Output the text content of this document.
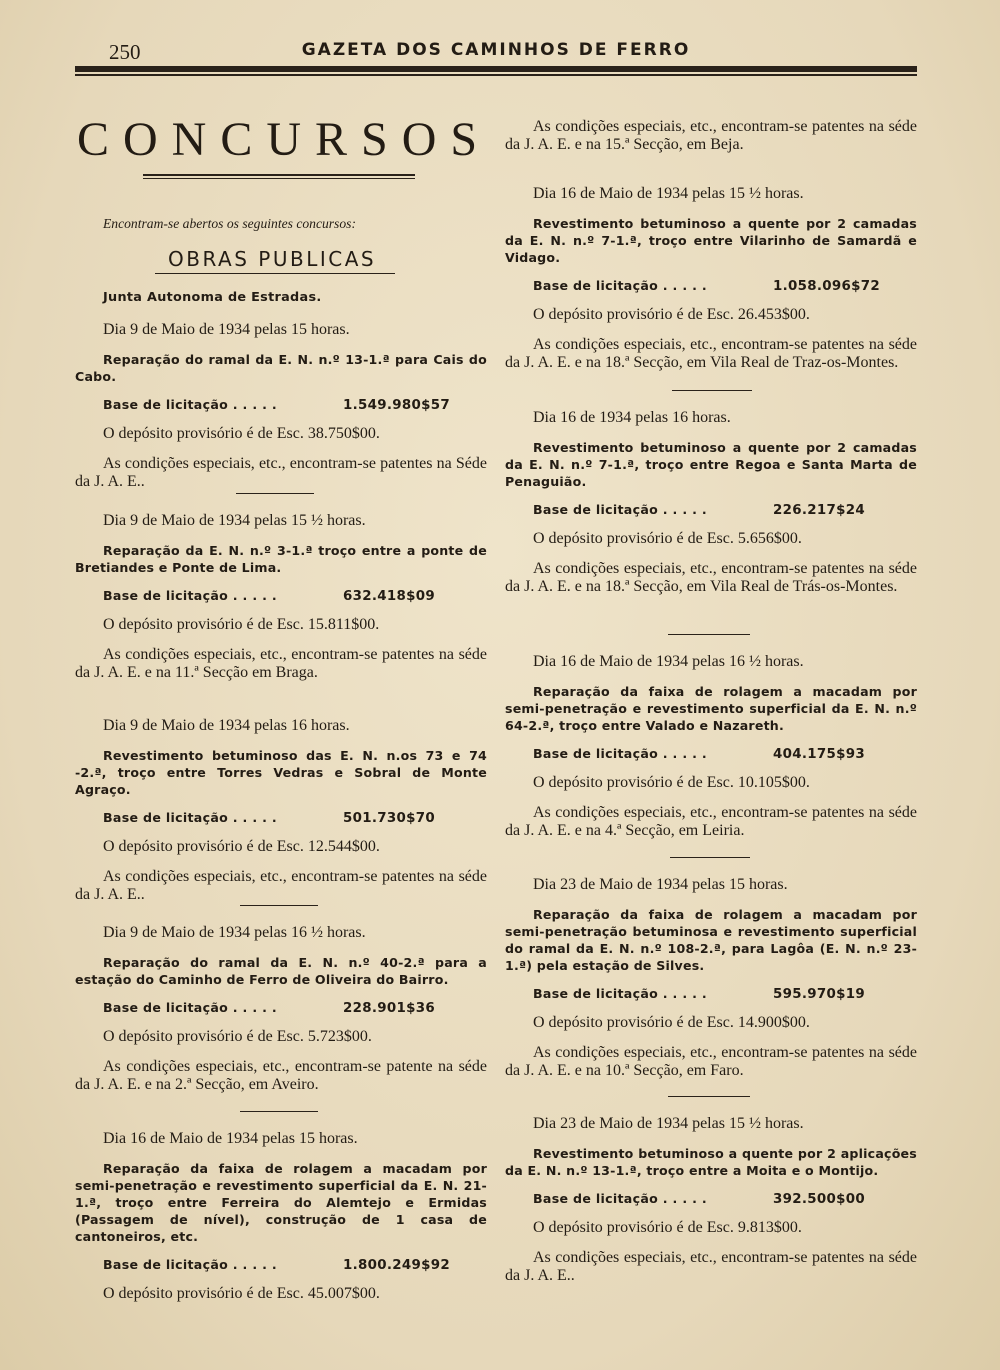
250	GAZETA DOS CAMINHOS DE FERRO
CONCURSOS
Encontram-se abertos os seguintes concursos:
OBRAS PUBLICAS
Junta Autonoma de Estradas.
Dia 9 de Maio de 1934 pelas 15 horas.
Reparação do ramal da E. N. n.º 13-1.ª para Cais do Cabo.
Base de licitação . . . . .	1.549.980$57
O depósito provisório é de Esc. 38.750$00.
As condições especiais, etc., encontram-se patentes na Séde da J. A. E..
Dia 9 de Maio de 1934 pelas 15 ½ horas.
Reparação da E. N. n.º 3-1.ª troço entre a ponte de Bretiandes e Ponte de Lima.
Base de licitação . . . . .	632.418$09
O depósito provisório é de Esc. 15.811$00.
As condições especiais, etc., encontram-se patentes na séde da J. A. E. e na 11.ª Secção em Braga.
Dia 9 de Maio de 1934 pelas 16 horas.
Revestimento betuminoso das E. N. n.os 73 e 74 -2.ª, troço entre Torres Vedras e Sobral de Monte Agraço.
Base de licitação . . . . .	501.730$70
O depósito provisório é de Esc. 12.544$00.
As condições especiais, etc., encontram-se patentes na séde da J. A. E..
Dia 9 de Maio de 1934 pelas 16 ½ horas.
Reparação do ramal da E. N. n.º 40-2.ª para a estação do Caminho de Ferro de Oliveira do Bairro.
Base de licitação . . . . .	228.901$36
O depósito provisório é de Esc. 5.723$00.
As condições especiais, etc., encontram-se patente na séde da J. A. E. e na 2.ª Secção, em Aveiro.
Dia 16 de Maio de 1934 pelas 15 horas.
Reparação da faixa de rolagem a macadam por semi-penetração e revestimento superficial da E. N. 21-1.ª, troço entre Ferreira do Alemtejo e Ermidas (Passagem de nível), construção de 1 casa de cantoneiros, etc.
Base de licitação . . . . .	1.800.249$92
O depósito provisório é de Esc. 45.007$00.
As condições especiais, etc., encontram-se patentes na séde da J. A. E. e na 15.ª Secção, em Beja.
Dia 16 de Maio de 1934 pelas 15 ½ horas.
Revestimento betuminoso a quente por 2 camadas da E. N. n.º 7-1.ª, troço entre Vilarinho de Samardã e Vidago.
Base de licitação . . . . .	1.058.096$72
O depósito provisório é de Esc. 26.453$00.
As condições especiais, etc., encontram-se patentes na séde da J. A. E. e na 18.ª Secção, em Vila Real de Traz-os-Montes.
Dia 16 de 1934 pelas 16 horas.
Revestimento betuminoso a quente por 2 camadas da E. N. n.º 7-1.ª, troço entre Regoa e Santa Marta de Penaguião.
Base de licitação . . . . .	226.217$24
O depósito provisório é de Esc. 5.656$00.
As condições especiais, etc., encontram-se patentes na séde da J. A. E. e na 18.ª Secção, em Vila Real de Trás-os-Montes.
Dia 16 de Maio de 1934 pelas 16 ½ horas.
Reparação da faixa de rolagem a macadam por semi-penetração e revestimento superficial da E. N. n.º 64-2.ª, troço entre Valado e Nazareth.
Base de licitação . . . . .	404.175$93
O depósito provisório é de Esc. 10.105$00.
As condições especiais, etc., encontram-se patentes na séde da J. A. E. e na 4.ª Secção, em Leiria.
Dia 23 de Maio de 1934 pelas 15 horas.
Reparação da faixa de rolagem a macadam por semi-penetração betuminosa e revestimento superficial do ramal da E. N. n.º 108-2.ª, para Lagôa (E. N. n.º 23-1.ª) pela estação de Silves.
Base de licitação . . . . .	595.970$19
O depósito provisório é de Esc. 14.900$00.
As condições especiais, etc., encontram-se patentes na séde da J. A. E. e na 10.ª Secção, em Faro.
Dia 23 de Maio de 1934 pelas 15 ½ horas.
Revestimento betuminoso a quente por 2 aplicações da E. N. n.º 13-1.ª, troço entre a Moita e o Montijo.
Base de licitação . . . . .	392.500$00
O depósito provisório é de Esc. 9.813$00.
As condições especiais, etc., encontram-se patentes na séde da J. A. E..
